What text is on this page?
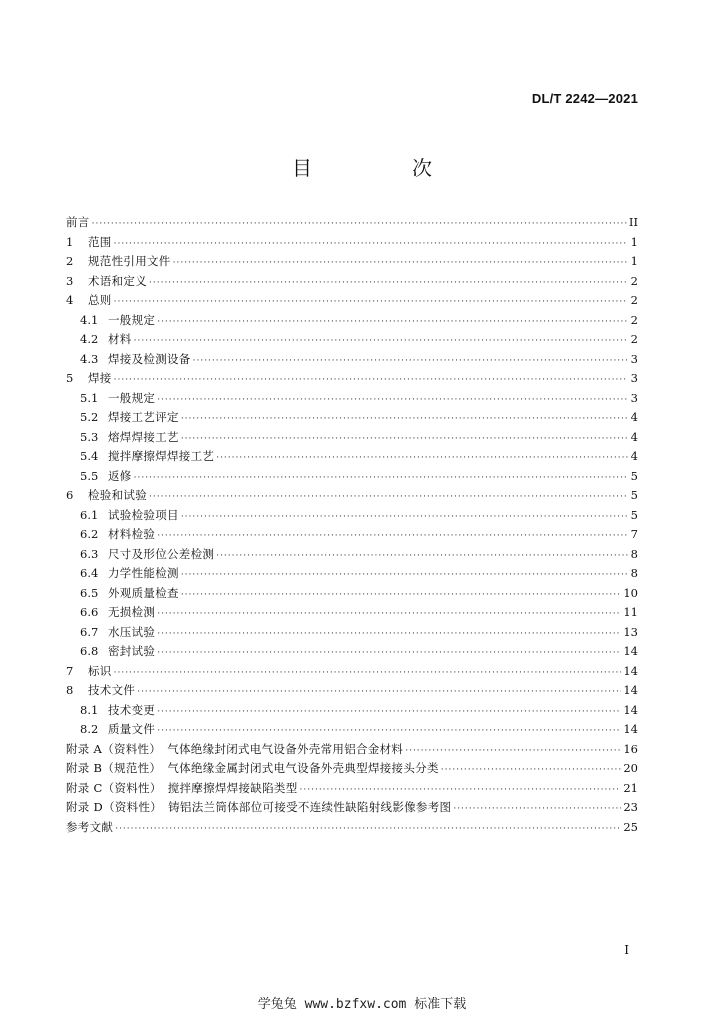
DL/T 2242—2021
目　次
前言 ·····	II
1	范围 ·····	1
2	规范性引用文件 ·····	1
3	术语和定义 ·····	2
4	总则 ·····	2
4.1 一般规定 ·····	2
4.2 材料 ·····	2
4.3 焊接及检测设备 ·····	3
5	焊接 ·····	3
5.1 一般规定 ·····	3
5.2 焊接工艺评定 ·····	4
5.3 熔焊焊接工艺 ·····	4
5.4 搅拌摩擦焊焊接工艺 ·····	4
5.5 返修 ·····	5
6	检验和试验 ·····	5
6.1 试验检验项目 ·····	5
6.2 材料检验 ·····	7
6.3 尺寸及形位公差检测 ·····	8
6.4 力学性能检测 ·····	8
6.5 外观质量检查 ·····	10
6.6 无损检测 ·····	11
6.7 水压试验 ·····	13
6.8 密封试验 ·····	14
7	标识 ·····	14
8	技术文件 ·····	14
8.1 技术变更 ·····	14
8.2 质量文件 ·····	14
附录 A（资料性）　气体绝缘封闭式电气设备外壳常用铝合金材料 ·····	16
附录 B（规范性）　气体绝缘金属封闭式电气设备外壳典型焊接接头分类 ·····	20
附录 C（资料性）　搅拌摩擦焊焊接缺陷类型 ·····	21
附录 D（资料性）　铸铝法兰筒体部位可接受不连续性缺陷射线影像参考图 ·····	23
参考文献 ·····	25
I
学兔兔 www.bzfxw.com 标准下载
